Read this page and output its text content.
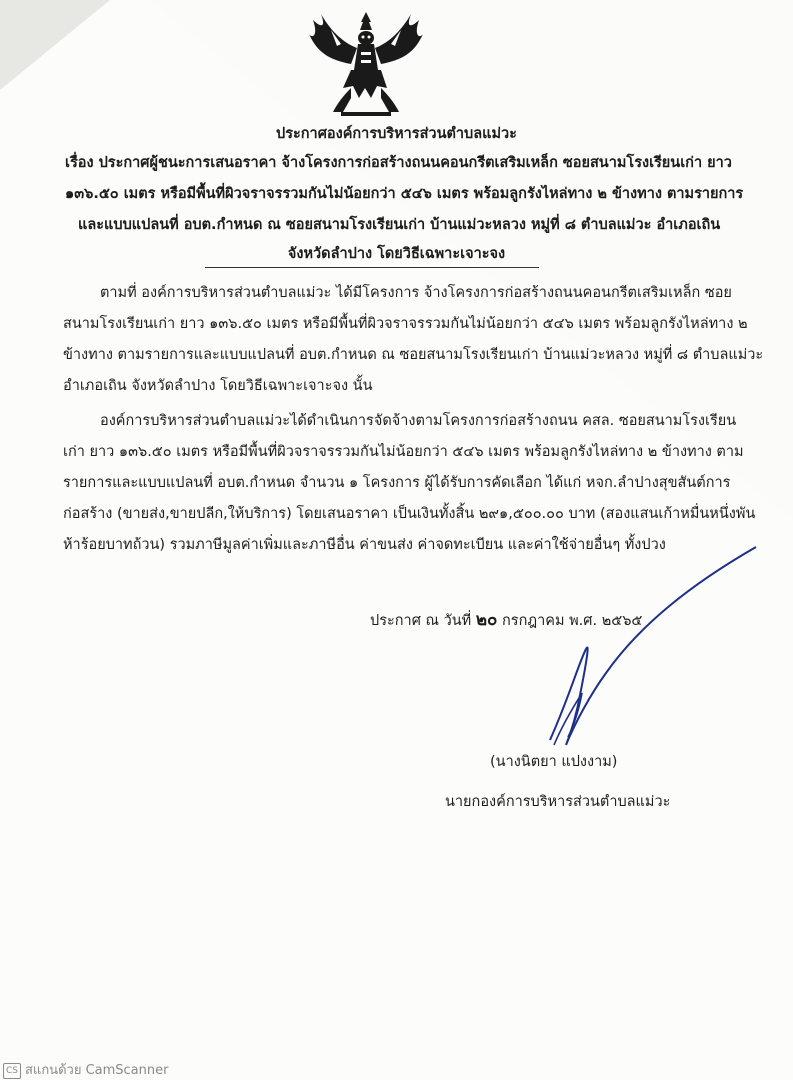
ประกาศองค์การบริหารส่วนตำบลแม่วะ
เรื่อง ประกาศผู้ชนะการเสนอราคา จ้างโครงการก่อสร้างถนนคอนกรีตเสริมเหล็ก ซอยสนามโรงเรียนเก่า ยาว
๑๓๖.๕๐ เมตร หรือมีพื้นที่ผิวจราจรรวมกันไม่น้อยกว่า ๕๔๖ เมตร พร้อมลูกรังไหล่ทาง ๒ ข้างทาง ตามรายการ
และแบบแปลนที่ อบต.กำหนด ณ ซอยสนามโรงเรียนเก่า บ้านแม่วะหลวง หมู่ที่ ๘ ตำบลแม่วะ อำเภอเถิน
จังหวัดลำปาง โดยวิธีเฉพาะเจาะจง
ตามที่ องค์การบริหารส่วนตำบลแม่วะ ได้มีโครงการ จ้างโครงการก่อสร้างถนนคอนกรีตเสริมเหล็ก ซอย
สนามโรงเรียนเก่า ยาว ๑๓๖.๕๐ เมตร หรือมีพื้นที่ผิวจราจรรวมกันไม่น้อยกว่า ๕๔๖ เมตร พร้อมลูกรังไหล่ทาง ๒
ข้างทาง ตามรายการและแบบแปลนที่ อบต.กำหนด ณ ซอยสนามโรงเรียนเก่า บ้านแม่วะหลวง หมู่ที่ ๘ ตำบลแม่วะ
อำเภอเถิน จังหวัดลำปาง โดยวิธีเฉพาะเจาะจง นั้น
องค์การบริหารส่วนตำบลแม่วะได้ดำเนินการจัดจ้างตามโครงการก่อสร้างถนน คสล. ซอยสนามโรงเรียน
เก่า ยาว ๑๓๖.๕๐ เมตร หรือมีพื้นที่ผิวจราจรรวมกันไม่น้อยกว่า ๕๔๖ เมตร พร้อมลูกรังไหล่ทาง ๒ ข้างทาง ตาม
รายการและแบบแปลนที่ อบต.กำหนด จำนวน ๑ โครงการ ผู้ได้รับการคัดเลือก ได้แก่ หจก.ลำปางสุขสันต์การ
ก่อสร้าง (ขายส่ง,ขายปลีก,ให้บริการ) โดยเสนอราคา เป็นเงินทั้งสิ้น ๒๙๑,๕๐๐.๐๐ บาท (สองแสนเก้าหมื่นหนึ่งพัน
ห้าร้อยบาทถ้วน) รวมภาษีมูลค่าเพิ่มและภาษีอื่น ค่าขนส่ง ค่าจดทะเบียน และค่าใช้จ่ายอื่นๆ ทั้งปวง
ประกาศ ณ วันที่ ๒๐ กรกฎาคม พ.ศ. ๒๕๖๕
(นางนิตยา แปงงาม)
นายกองค์การบริหารส่วนตำบลแม่วะ
CS สแกนด้วย CamScanner
